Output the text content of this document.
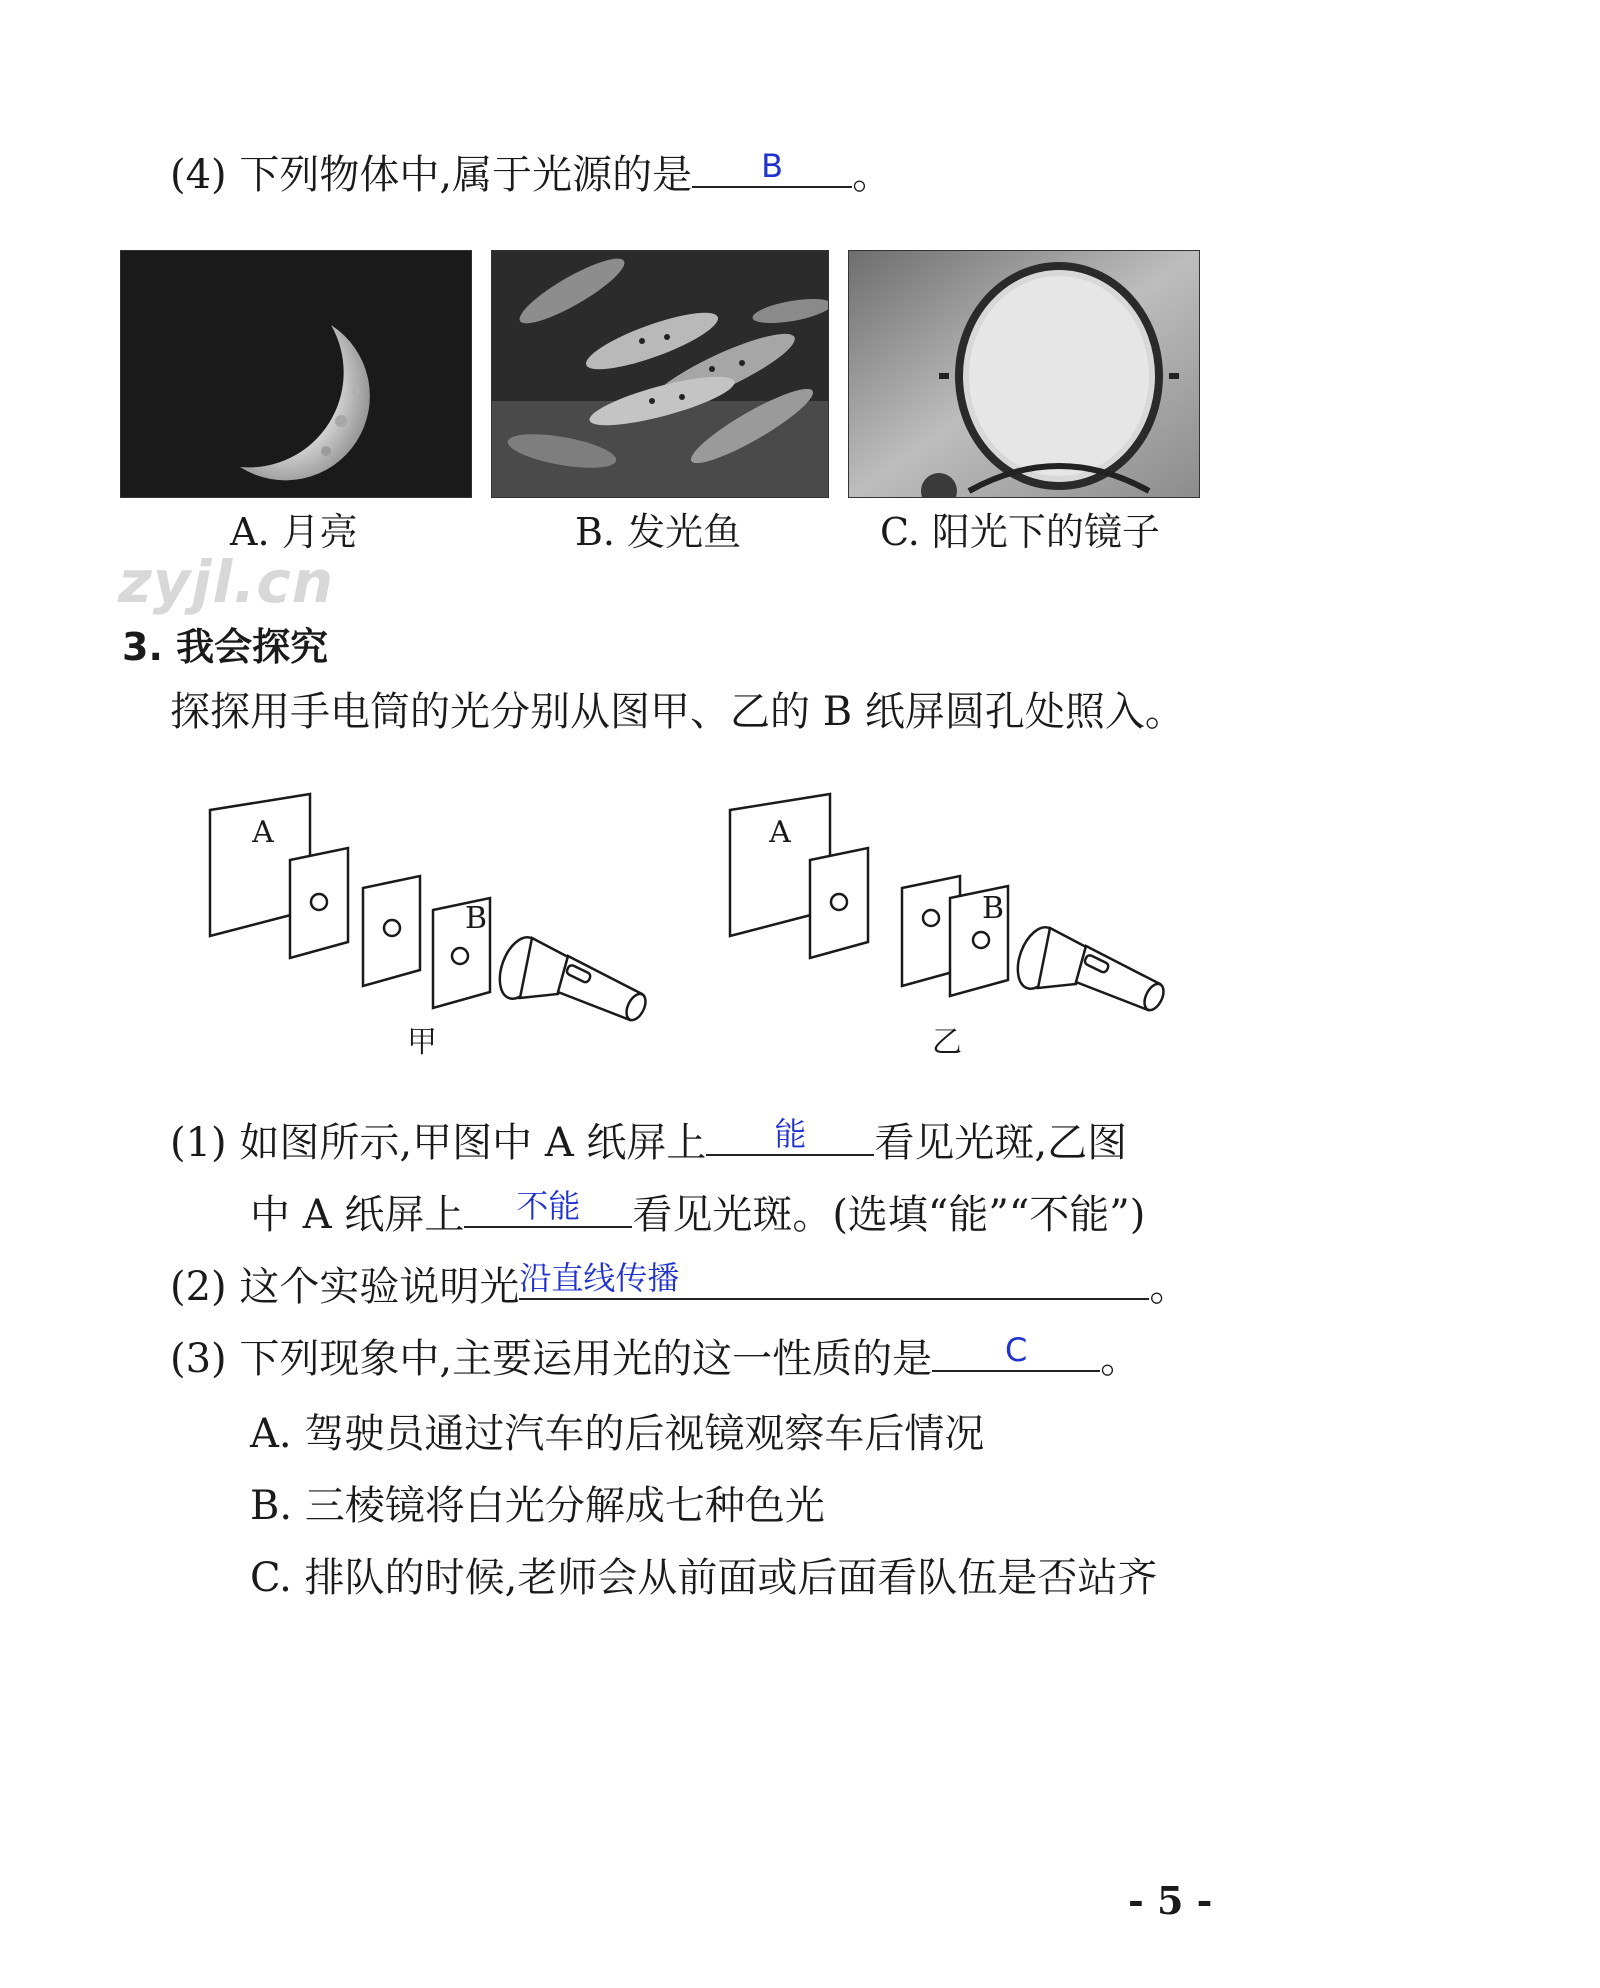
(4) 下列物体中,属于光源的是	B	。
A. 月亮	B. 发光鱼	C. 阳光下的镜子
zyjl.cn
3. 我会探究
探探用手电筒的光分别从图甲、乙的 B 纸屏圆孔处照入。
A
B
A
B
甲	乙
(1) 如图所示,甲图中 A 纸屏上	能	看见光斑,乙图
中 A 纸屏上	不能	看见光斑。(选填“能”“不能”)
(2) 这个实验说明光 沿直线传播	。
(3) 下列现象中,主要运用光的这一性质的是	C	。
A. 驾驶员通过汽车的后视镜观察车后情况
B. 三棱镜将白光分解成七种色光
C. 排队的时候,老师会从前面或后面看队伍是否站齐
- 5 -
